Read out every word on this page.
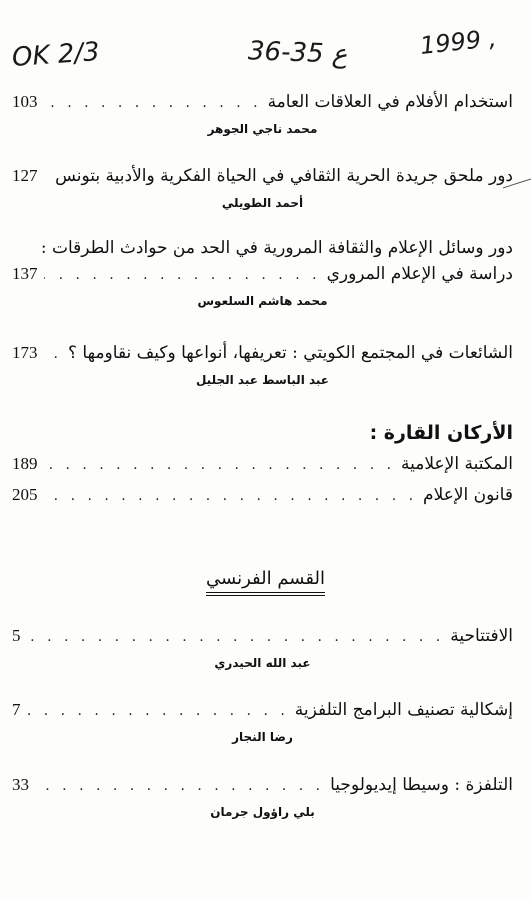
OK 2/3	36-35 ع	1999 ,
استخدام الأفلام في العلاقات العامة
. . .
103
محمد ناجي الجوهر
دور ملحق جريدة الحرية الثقافي في الحياة الفكرية والأدبية بتونس
. . .
127
أحمد الطويلي
دور وسائل الإعلام والثقافة المرورية في الحد من حوادث الطرقات :
دراسة في الإعلام المروري
. . .
137
محمد هاشم السلعوس
الشائعات في المجتمع الكويتي : تعريفها، أنواعها وكيف نقاومها ؟
. . .
173
عبد الباسط عبد الجليل
الأركان القارة :
المكتبة الإعلامية
. . .
189
قانون الإعلام
. . .
205
القسم الفرنسي
الافتتاحية
. . .
5
عبد الله الحيدري
إشكالية تصنيف البرامج التلفزية
. . .
7
رضا النجار
التلفزة : وسيطا إيديولوجيا
. . .
33
بلي راؤول جرمان
